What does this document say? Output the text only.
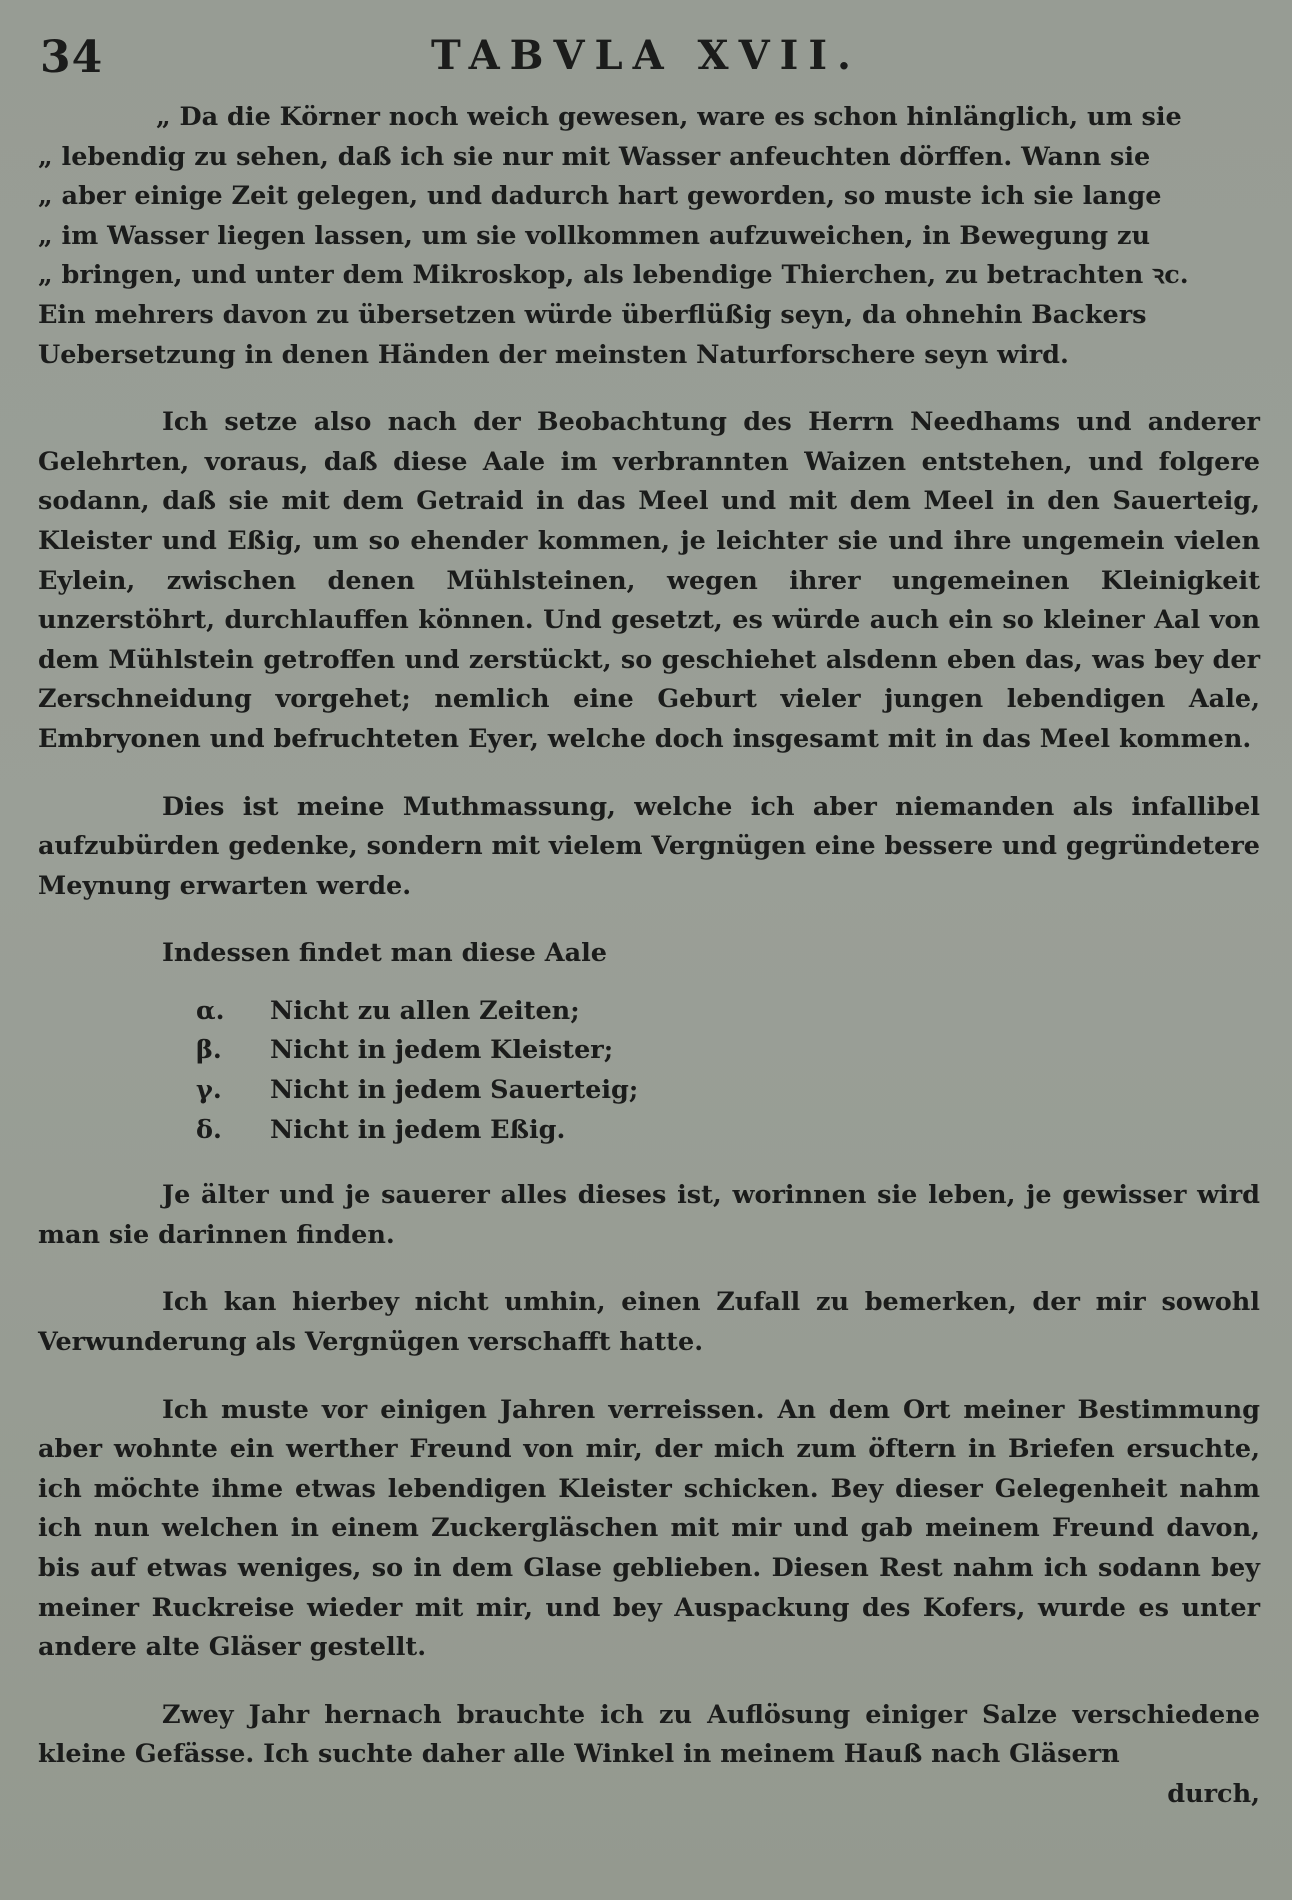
34	TABVLA XVII.
„ Da die Körner noch weich gewesen, ware es schon hinlänglich, um sie
„ lebendig zu sehen, daß ich sie nur mit Wasser anfeuchten dörffen. Wann sie
„ aber einige Zeit gelegen, und dadurch hart geworden, so muste ich sie lange
„ im Wasser liegen lassen, um sie vollkommen aufzuweichen, in Bewegung zu
„ bringen, und unter dem Mikroskop, als lebendige Thierchen, zu betrachten ꝛc.
Ein mehrers davon zu übersetzen würde überflüßig seyn, da ohnehin Backers
Uebersetzung in denen Händen der meinsten Naturforschere seyn wird.

Ich setze also nach der Beobachtung des Herrn Needhams und anderer Gelehrten, voraus, daß diese Aale im verbrannten Waizen entstehen, und folgere sodann, daß sie mit dem Getraid in das Meel und mit dem Meel in den Sauerteig, Kleister und Eßig, um so ehender kommen, je leichter sie und ihre ungemein vielen Eylein, zwischen denen Mühlsteinen, wegen ihrer ungemeinen Kleinigkeit unzerstöhrt, durchlauffen können. Und gesetzt, es würde auch ein so kleiner Aal von dem Mühlstein getroffen und zerstückt, so geschiehet alsdenn eben das, was bey der Zerschneidung vorgehet; nemlich eine Geburt vieler jungen lebendigen Aale, Embryonen und befruchteten Eyer, welche doch insgesamt mit in das Meel kommen.

Dies ist meine Muthmassung, welche ich aber niemanden als infallibel aufzubürden gedenke, sondern mit vielem Vergnügen eine bessere und gegründetere Meynung erwarten werde.

Indessen findet man diese Aale

α.	Nicht zu allen Zeiten;
β.	Nicht in jedem Kleister;
γ.	Nicht in jedem Sauerteig;
δ.	Nicht in jedem Eßig.

Je älter und je sauerer alles dieses ist, worinnen sie leben, je gewisser wird man sie darinnen finden.

Ich kan hierbey nicht umhin, einen Zufall zu bemerken, der mir sowohl Verwunderung als Vergnügen verschafft hatte.

Ich muste vor einigen Jahren verreissen. An dem Ort meiner Bestimmung aber wohnte ein werther Freund von mir, der mich zum öftern in Briefen ersuchte, ich möchte ihme etwas lebendigen Kleister schicken. Bey dieser Gelegenheit nahm ich nun welchen in einem Zuckergläschen mit mir und gab meinem Freund davon, bis auf etwas weniges, so in dem Glase geblieben. Diesen Rest nahm ich sodann bey meiner Ruckreise wieder mit mir, und bey Auspackung des Kofers, wurde es unter andere alte Gläser gestellt.

Zwey Jahr hernach brauchte ich zu Auflösung einiger Salze verschiedene kleine Gefässe. Ich suchte daher alle Winkel in meinem Hauß nach Gläsern

durch,
